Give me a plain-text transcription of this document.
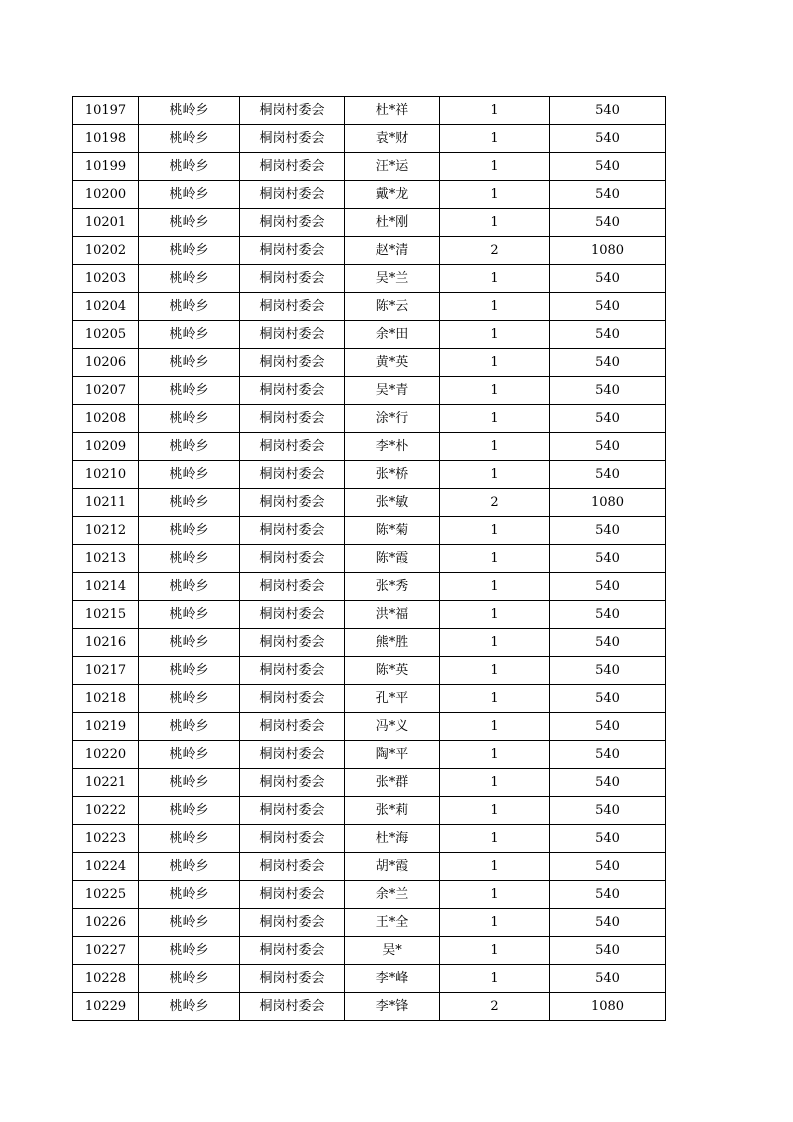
10197	桃岭乡	桐岗村委会	杜*祥	1	540
10198	桃岭乡	桐岗村委会	袁*财	1	540
10199	桃岭乡	桐岗村委会	汪*运	1	540
10200	桃岭乡	桐岗村委会	戴*龙	1	540
10201	桃岭乡	桐岗村委会	杜*刚	1	540
10202	桃岭乡	桐岗村委会	赵*清	2	1080
10203	桃岭乡	桐岗村委会	吴*兰	1	540
10204	桃岭乡	桐岗村委会	陈*云	1	540
10205	桃岭乡	桐岗村委会	余*田	1	540
10206	桃岭乡	桐岗村委会	黄*英	1	540
10207	桃岭乡	桐岗村委会	吴*青	1	540
10208	桃岭乡	桐岗村委会	涂*行	1	540
10209	桃岭乡	桐岗村委会	李*朴	1	540
10210	桃岭乡	桐岗村委会	张*桥	1	540
10211	桃岭乡	桐岗村委会	张*敏	2	1080
10212	桃岭乡	桐岗村委会	陈*菊	1	540
10213	桃岭乡	桐岗村委会	陈*霞	1	540
10214	桃岭乡	桐岗村委会	张*秀	1	540
10215	桃岭乡	桐岗村委会	洪*福	1	540
10216	桃岭乡	桐岗村委会	熊*胜	1	540
10217	桃岭乡	桐岗村委会	陈*英	1	540
10218	桃岭乡	桐岗村委会	孔*平	1	540
10219	桃岭乡	桐岗村委会	冯*义	1	540
10220	桃岭乡	桐岗村委会	陶*平	1	540
10221	桃岭乡	桐岗村委会	张*群	1	540
10222	桃岭乡	桐岗村委会	张*莉	1	540
10223	桃岭乡	桐岗村委会	杜*海	1	540
10224	桃岭乡	桐岗村委会	胡*霞	1	540
10225	桃岭乡	桐岗村委会	余*兰	1	540
10226	桃岭乡	桐岗村委会	王*全	1	540
10227	桃岭乡	桐岗村委会	吴*	1	540
10228	桃岭乡	桐岗村委会	李*峰	1	540
10229	桃岭乡	桐岗村委会	李*锋	2	1080
